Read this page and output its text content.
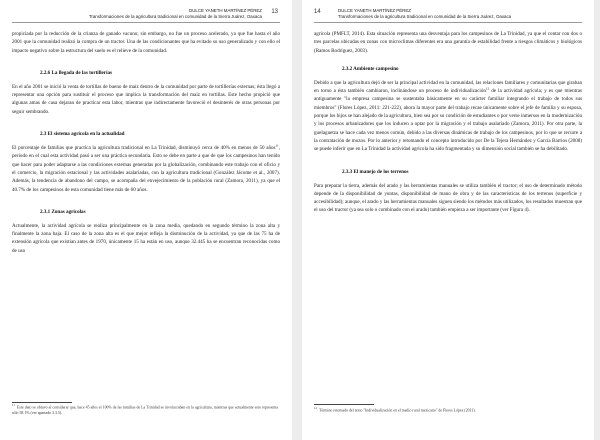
DULCE YANETH MARTÍNEZ PÉREZ
Transformaciones de la agricultura tradicional en comunidad de la Sierra Juárez, Oaxaca
13

propiciada por la reducción de la crianza de ganado vacuno; sin embargo, no fue un proceso acelerado, ya que fue hasta el año 2001 que la comunidad realizó la compra de un tractor. Una de las condicionantes que ha evitado su uso generalizado y con ello el impacto negativo sobre la estructura del suelo es el relieve de la comunidad.

2.2.6 La llegada de las tortillerías

En el año 2001 se inició la venta de tortillas de bueno de maíz dentro de la comunidad por parte de tortillerías externas; ésta llegó a representar una opción para sustituir el proceso que implica la transformación del maíz en tortillas. Este hecho propició que algunas amas de casa dejaran de practicar esta labor, mientras que indirectamente favoreció el desinterés de otras personas por seguir sembrando.

2.3 El sistema agrícola en la actualidad

El porcentaje de familias que practica la agricultura tradicional en La Trinidad, disminuyó cerca de 40% en menos de 50 años$^{11}$, periodo en el cual esta actividad pasó a ser una práctica secundaria. Esto se debe en parte a que de que los campesinos han tenido que hacer para poder adaptarse a las condiciones externas generadas por la globalización, combinando este trabajo con el oficio y el comercio, la migración estacional y las actividades asalariadas, con la agricultura tradicional (González Jácome et al., 2007). Además, la tendencia de abandono del campo, se acompaña del envejecimiento de la población rural (Zamora, 2011), ya que el 40.7% de los campesinos de esta comunidad tiene más de 60 años.

2.3.1 Zonas agrícolas

Actualmente, la actividad agrícola se realiza principalmente en la zona media, quedando en segundo término la zona alta y finalmente la zona baja. El caso de la zona alta es el que mejor refleja la disminución de la actividad, ya que de las 75 ha de extensión agrícola que existían antes de 1970, únicamente 15 ha están en uso, aunque 32.445 ha se encuentran reconocidas como de uso

$^{11}$  Este dato se obtuvo al considerar que, hace 45 años el 100% de las familias de La Trinidad se involucraban en la agricultura, mientras que actualmente esto representa sólo 58.1% (ver apartado 3.3.5).
14	DULCE YANETH MARTÍNEZ PÉREZ
Transformaciones de la agricultura tradicional en comunidad de la Sierra Juárez, Oaxaca

agrícola (PMFLT, 2014). Esta situación representa una desventaja para los campesinos de La Trinidad, ya que el contar con dos o tres parcelas ubicadas en zonas con microclimas diferentes era una garantía de estabilidad frente a riesgos climáticos y biológicos (Ramos Rodríguez, 2003).

2.3.2 Ambiente campesino

Debido a que la agricultura dejó de ser la principal actividad en la comunidad, las relaciones familiares y comunitarias que giraban en torno a ésta también cambiaron, inclinándose un proceso de individualización$^{12}$ de la actividad agrícola; y es que mientras antiguamente "la empresa campesina se sustentaba básicamente en su carácter familiar integrando el trabajo de todos sus miembros" (Flores López, 2011: 221-222), ahora la mayor parte del trabajo recae únicamente sobre el jefe de familia y su esposa, porque los hijos se han alejado de la agricultura, bien sea por su condición de estudiantes o por verse inmersos en la modernización y los procesos urbanizadores que los inducen a optar por la migración y el trabajo asalariado (Zamora, 2011). Por otra parte, la guelaguetza se hace cada vez menos común, debido a las diversas dinámicas de trabajo de los campesinos, por lo que se recurre a la contratación de mozos. Por lo anterior y retomando el concepto introducido por De la Tejera Hernández y García Barrios (2008) se puede inferir que en La Trinidad la actividad agrícola ha sido fragmentada y su dimensión social también se ha debilitado.

2.3.3 El manejo de los terrenos

Para preparar la tierra, además del arado y las herramientas manuales se utiliza también el tractor; el uso de determinado método depende de la disponibilidad de yuntas, disponibilidad de mano de obra y de las características de los terrenos (superficie y accesibilidad); aunque, el arado y las herramientas manuales siguen siendo los métodos más utilizados, los resultados muestran que el uso del tractor (ya sea solo o combinado con el arado) también empieza a ser importante (ver Figura 4).

$^{12}$  Término retomado del texto "Individualización en el medio rural mexicano" de Flores López (2011).
